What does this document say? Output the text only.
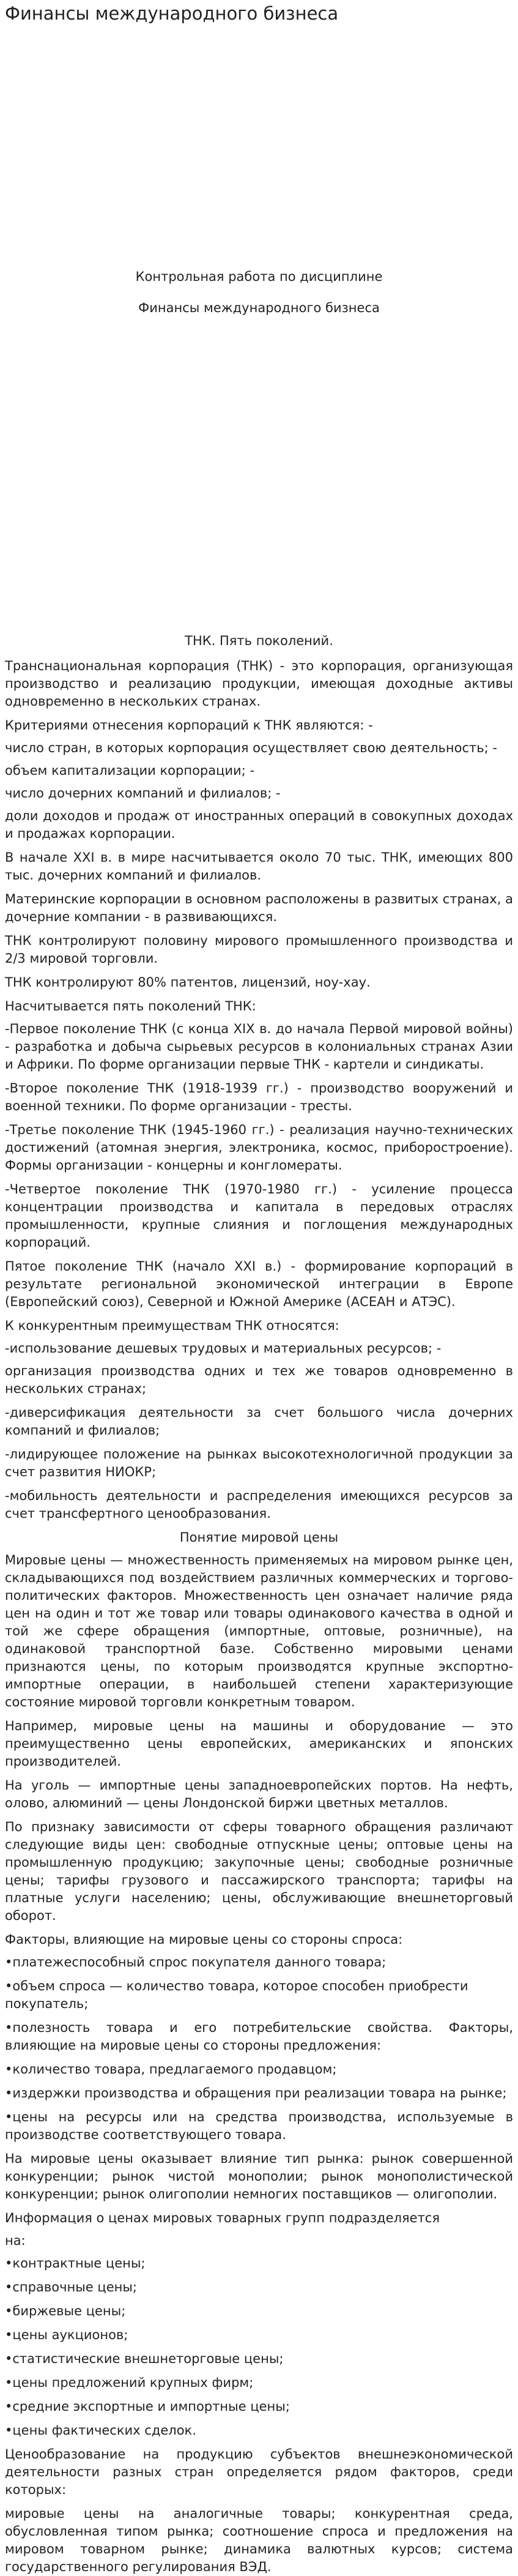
Финансы международного бизнеса

Контрольная работа по дисциплине

Финансы международного бизнеса

ТНК. Пять поколений.

Транснациональная корпорация (ТНК) - это корпорация, организующая производство и реализацию продукции, имеющая доходные активы одновременно в нескольких странах.

Критериями отнесения корпораций к ТНК являются: -

число стран, в которых корпорация осуществляет свою деятельность; -

объем капитализации корпорации; -

число дочерних компаний и филиалов; -

доли доходов и продаж от иностранных операций в совокупных доходах и продажах корпорации.

В начале XXI в. в мире насчитывается около 70 тыс. ТНК, имеющих 800 тыс. дочерних компаний и филиалов.

Материнские корпорации в основном расположены в развитых странах, а дочерние компании - в развивающихся.

ТНК контролируют половину мирового промышленного производства и 2/3 мировой торговли.

ТНК контролируют 80% патентов, лицензий, ноу-хау.

Насчитывается пять поколений ТНК:

-Первое поколение ТНК (с конца XIX в. до начала Первой мировой войны) - разработка и добыча сырьевых ресурсов в колониальных странах Азии и Африки. По форме организации первые ТНК - картели и синдикаты.

-Второе поколение ТНК (1918-1939 гг.) - производство вооружений и военной техники. По форме организации - тресты.

-Третье поколение ТНК (1945-1960 гг.) - реализация научно-технических достижений (атомная энергия, электроника, космос, приборостроение). Формы организации - концерны и конгломераты.

-Четвертое поколение ТНК (1970-1980 гг.) - усиление процесса концентрации производства и капитала в передовых отраслях промышленности, крупные слияния и поглощения международных корпораций.

Пятое поколение ТНК (начало XXI в.) - формирование корпораций в результате региональной экономической интеграции в Европе (Европейский союз), Северной и Южной Америке (АСЕАН и АТЭС).

К конкурентным преимуществам ТНК относятся:

-использование дешевых трудовых и материальных ресурсов; -

организация производства одних и тех же товаров одновременно в нескольких странах;

-диверсификация деятельности за счет большого числа дочерних компаний и филиалов;

-лидирующее положение на рынках высокотехнологичной продукции за счет развития НИОКР;

-мобильность деятельности и распределения имеющихся ресурсов за счет трансфертного ценообразования.

Понятие мировой цены

Мировые цены — множественность применяемых на мировом рынке цен, складывающихся под воздействием различных коммерческих и торгово-политических факторов. Множественность цен означает наличие ряда цен на один и тот же товар или товары одинакового качества в одной и той же сфере обращения (импортные, оптовые, розничные), на одинаковой транспортной базе. Собственно мировыми ценами признаются цены, по которым производятся крупные экспортно-импортные операции, в наибольшей степени характеризующие состояние мировой торговли конкретным товаром.

Например, мировые цены на машины и оборудование — это преимущественно цены европейских, американских и японских производителей.

На уголь — импортные цены западноевропейских портов. На нефть, олово, алюминий — цены Лондонской биржи цветных металлов.

По признаку зависимости от сферы товарного обращения различают следующие виды цен: свободные отпускные цены; оптовые цены на промышленную продукцию; закупочные цены; свободные розничные цены; тарифы грузового и пассажирского транспорта; тарифы на платные услуги населению; цены, обслуживающие внешнеторговый оборот.

Факторы, влияющие на мировые цены со стороны спроса:

•платежеспособный спрос покупателя данного товара;

•объем спроса — количество товара, которое способен приобрести покупатель;

•полезность товара и его потребительские свойства. Факторы, влияющие на мировые цены со стороны предложения:

•количество товара, предлагаемого продавцом;

•издержки производства и обращения при реализации товара на рынке;

•цены на ресурсы или на средства производства, используемые в производстве соответствующего товара.

На мировые цены оказывает влияние тип рынка: рынок совершенной конкуренции; рынок чистой монополии; рынок монополистической конкуренции; рынок олигополии немногих поставщиков — олигополии.

Информация о ценах мировых товарных групп подразделяется

на:

•контрактные цены;

•справочные цены;

•биржевые цены;

•цены аукционов;

•статистические внешнеторговые цены;

•цены предложений крупных фирм;

•средние экспортные и импортные цены;

•цены фактических сделок.

Ценообразование на продукцию субъектов внешнеэкономической деятельности разных стран определяется рядом факторов, среди которых:

мировые цены на аналогичные товары; конкурентная среда, обусловленная типом рынка; соотношение спроса и предложения на мировом товарном рынке; динамика валютных курсов; система государственного регулирования ВЭД.
